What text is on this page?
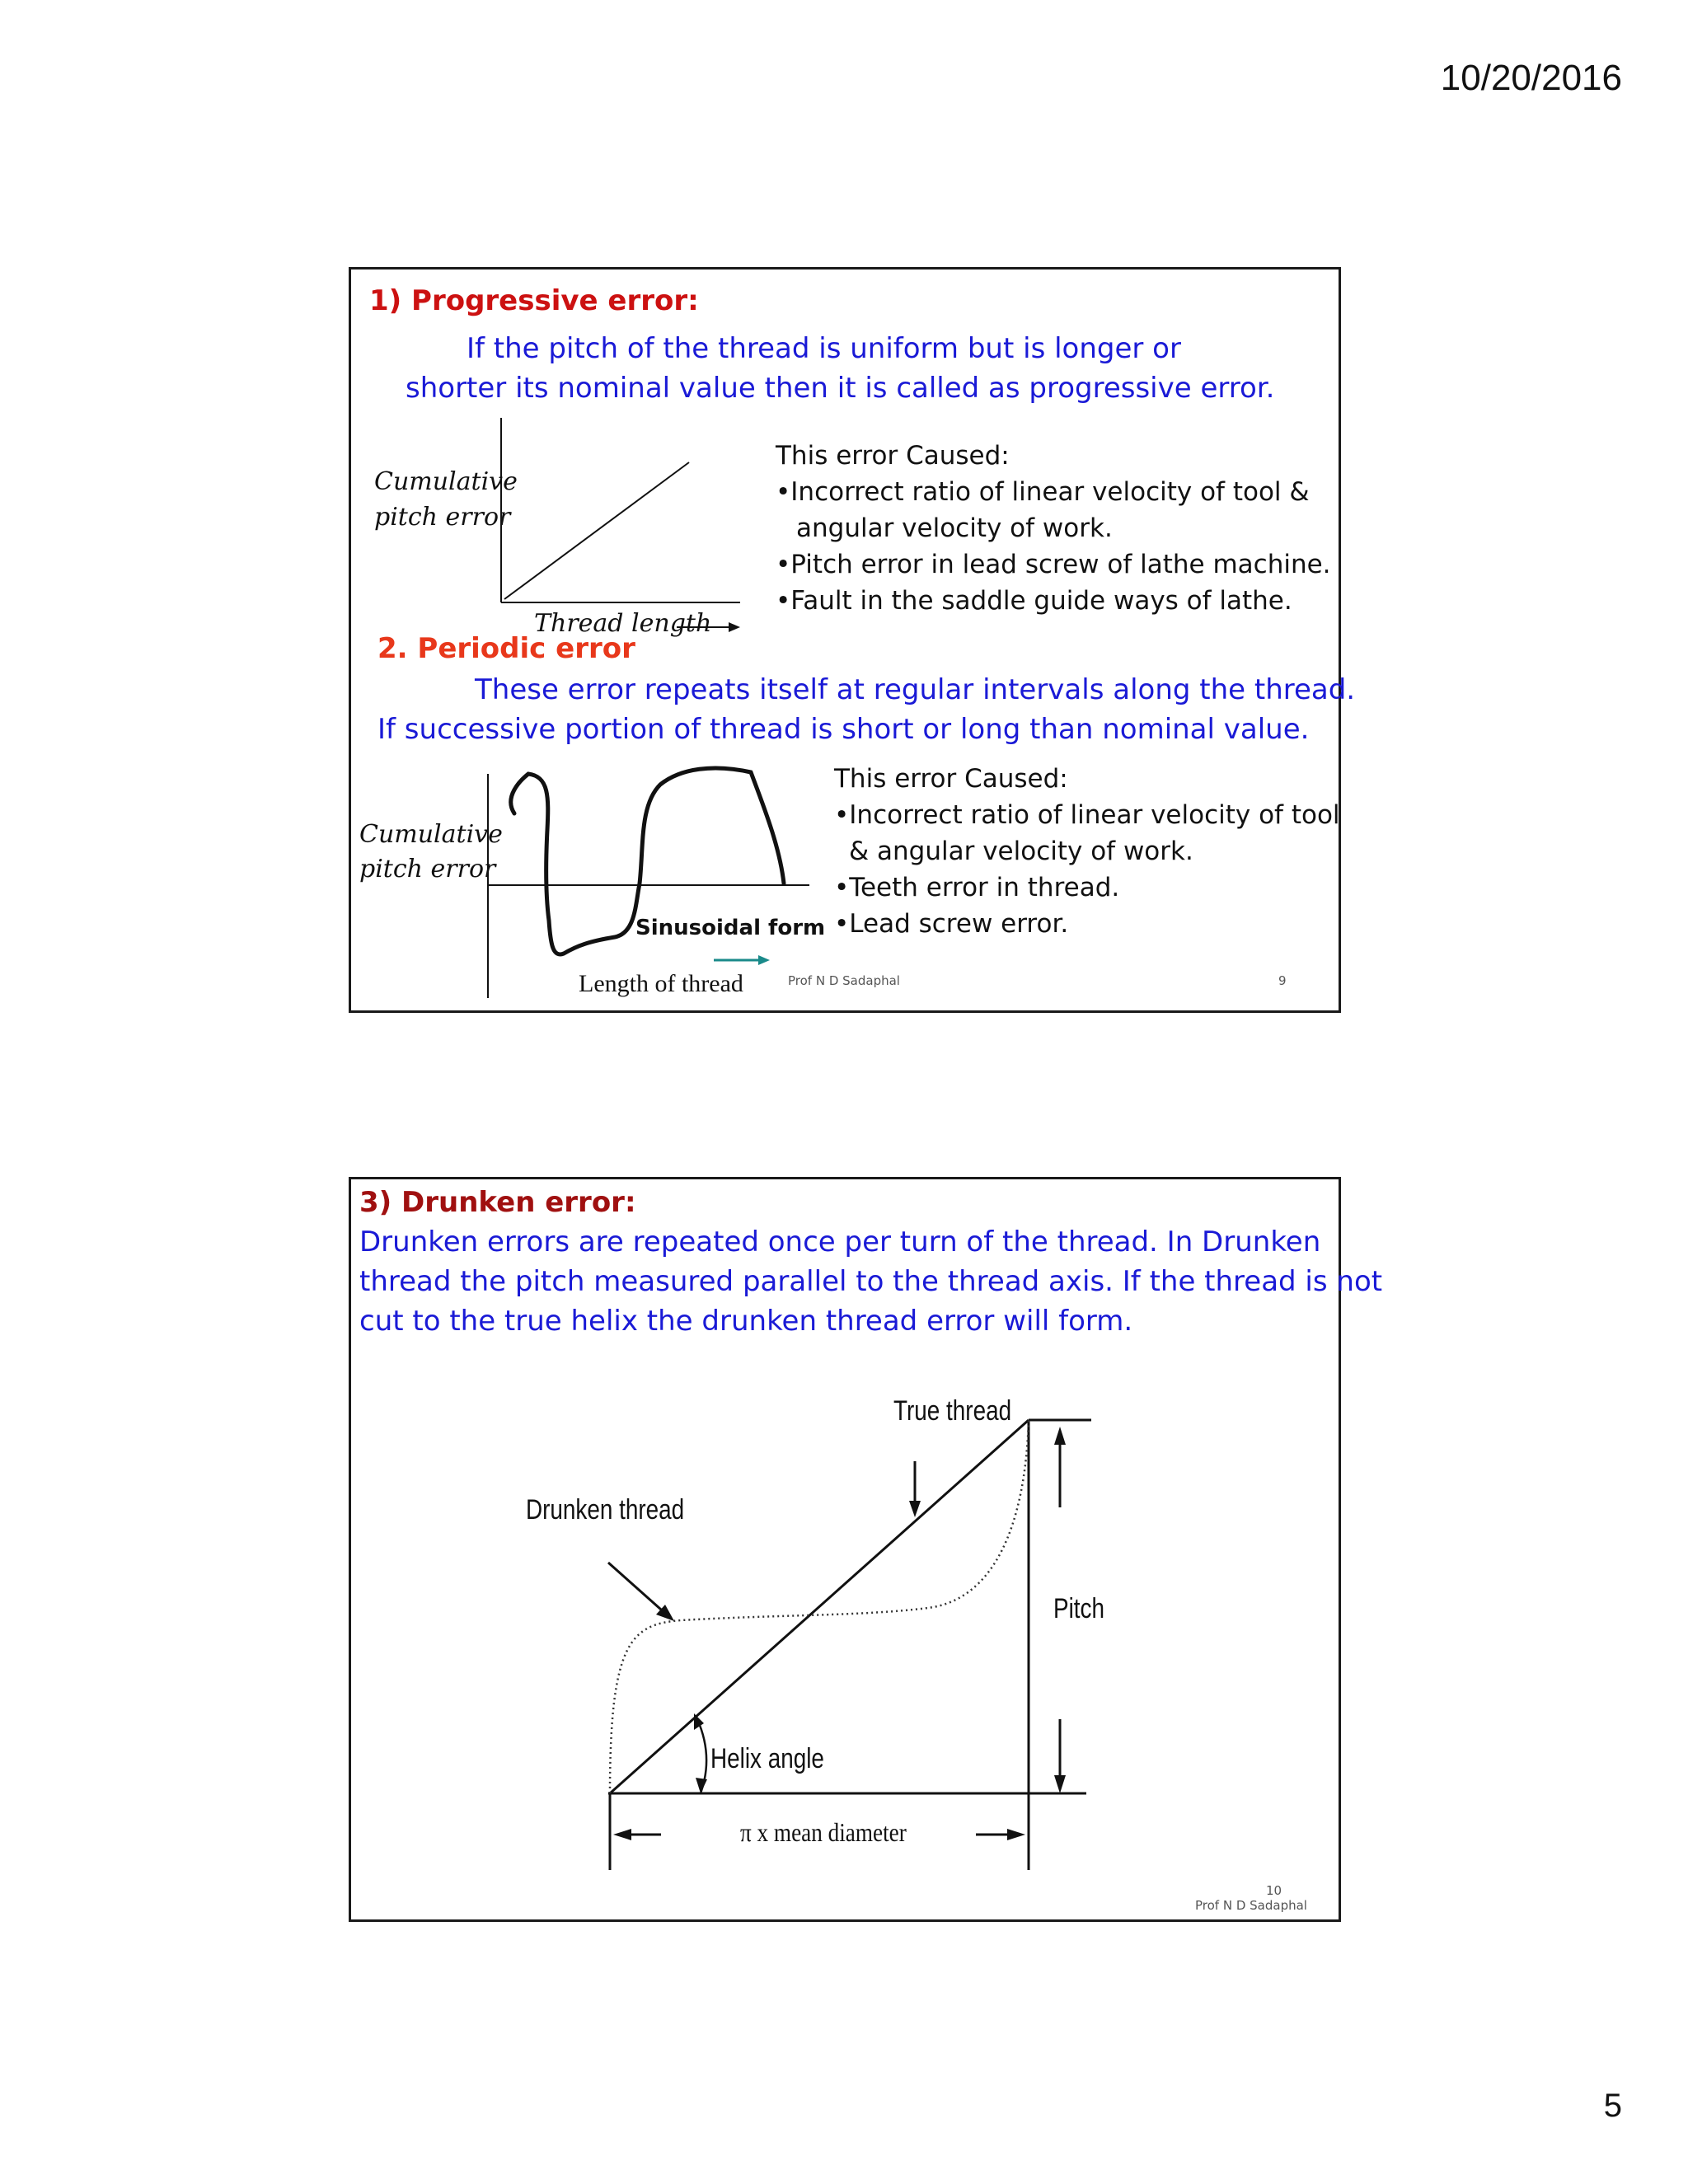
10/20/2016
1) Progressive error:
If the pitch of the thread is uniform but is longer or
shorter its nominal value then it is called as progressive error.
Cumulative
pitch error
Thread length
This error Caused:
•Incorrect ratio of linear velocity of tool &
angular velocity of work.
•Pitch error in lead screw of lathe machine.
•Fault in the saddle guide ways of lathe.
2. Periodic error
These error repeats itself at regular intervals along the thread.
If successive portion of thread is short or long than nominal value.
Cumulative
pitch error
Sinusoidal form
Length of thread
This error Caused:
•Incorrect ratio of linear velocity of tool
& angular velocity of work.
•Teeth error in thread.
•Lead screw error.
Prof N D Sadaphal	9
3) Drunken error:
Drunken errors are repeated once per turn of the thread. In Drunken
thread the pitch measured parallel to the thread axis. If the thread is not
cut to the true helix the drunken thread error will form.
True thread
Drunken thread
Pitch
Helix angle
π x mean diameter
10
Prof N D Sadaphal
5
